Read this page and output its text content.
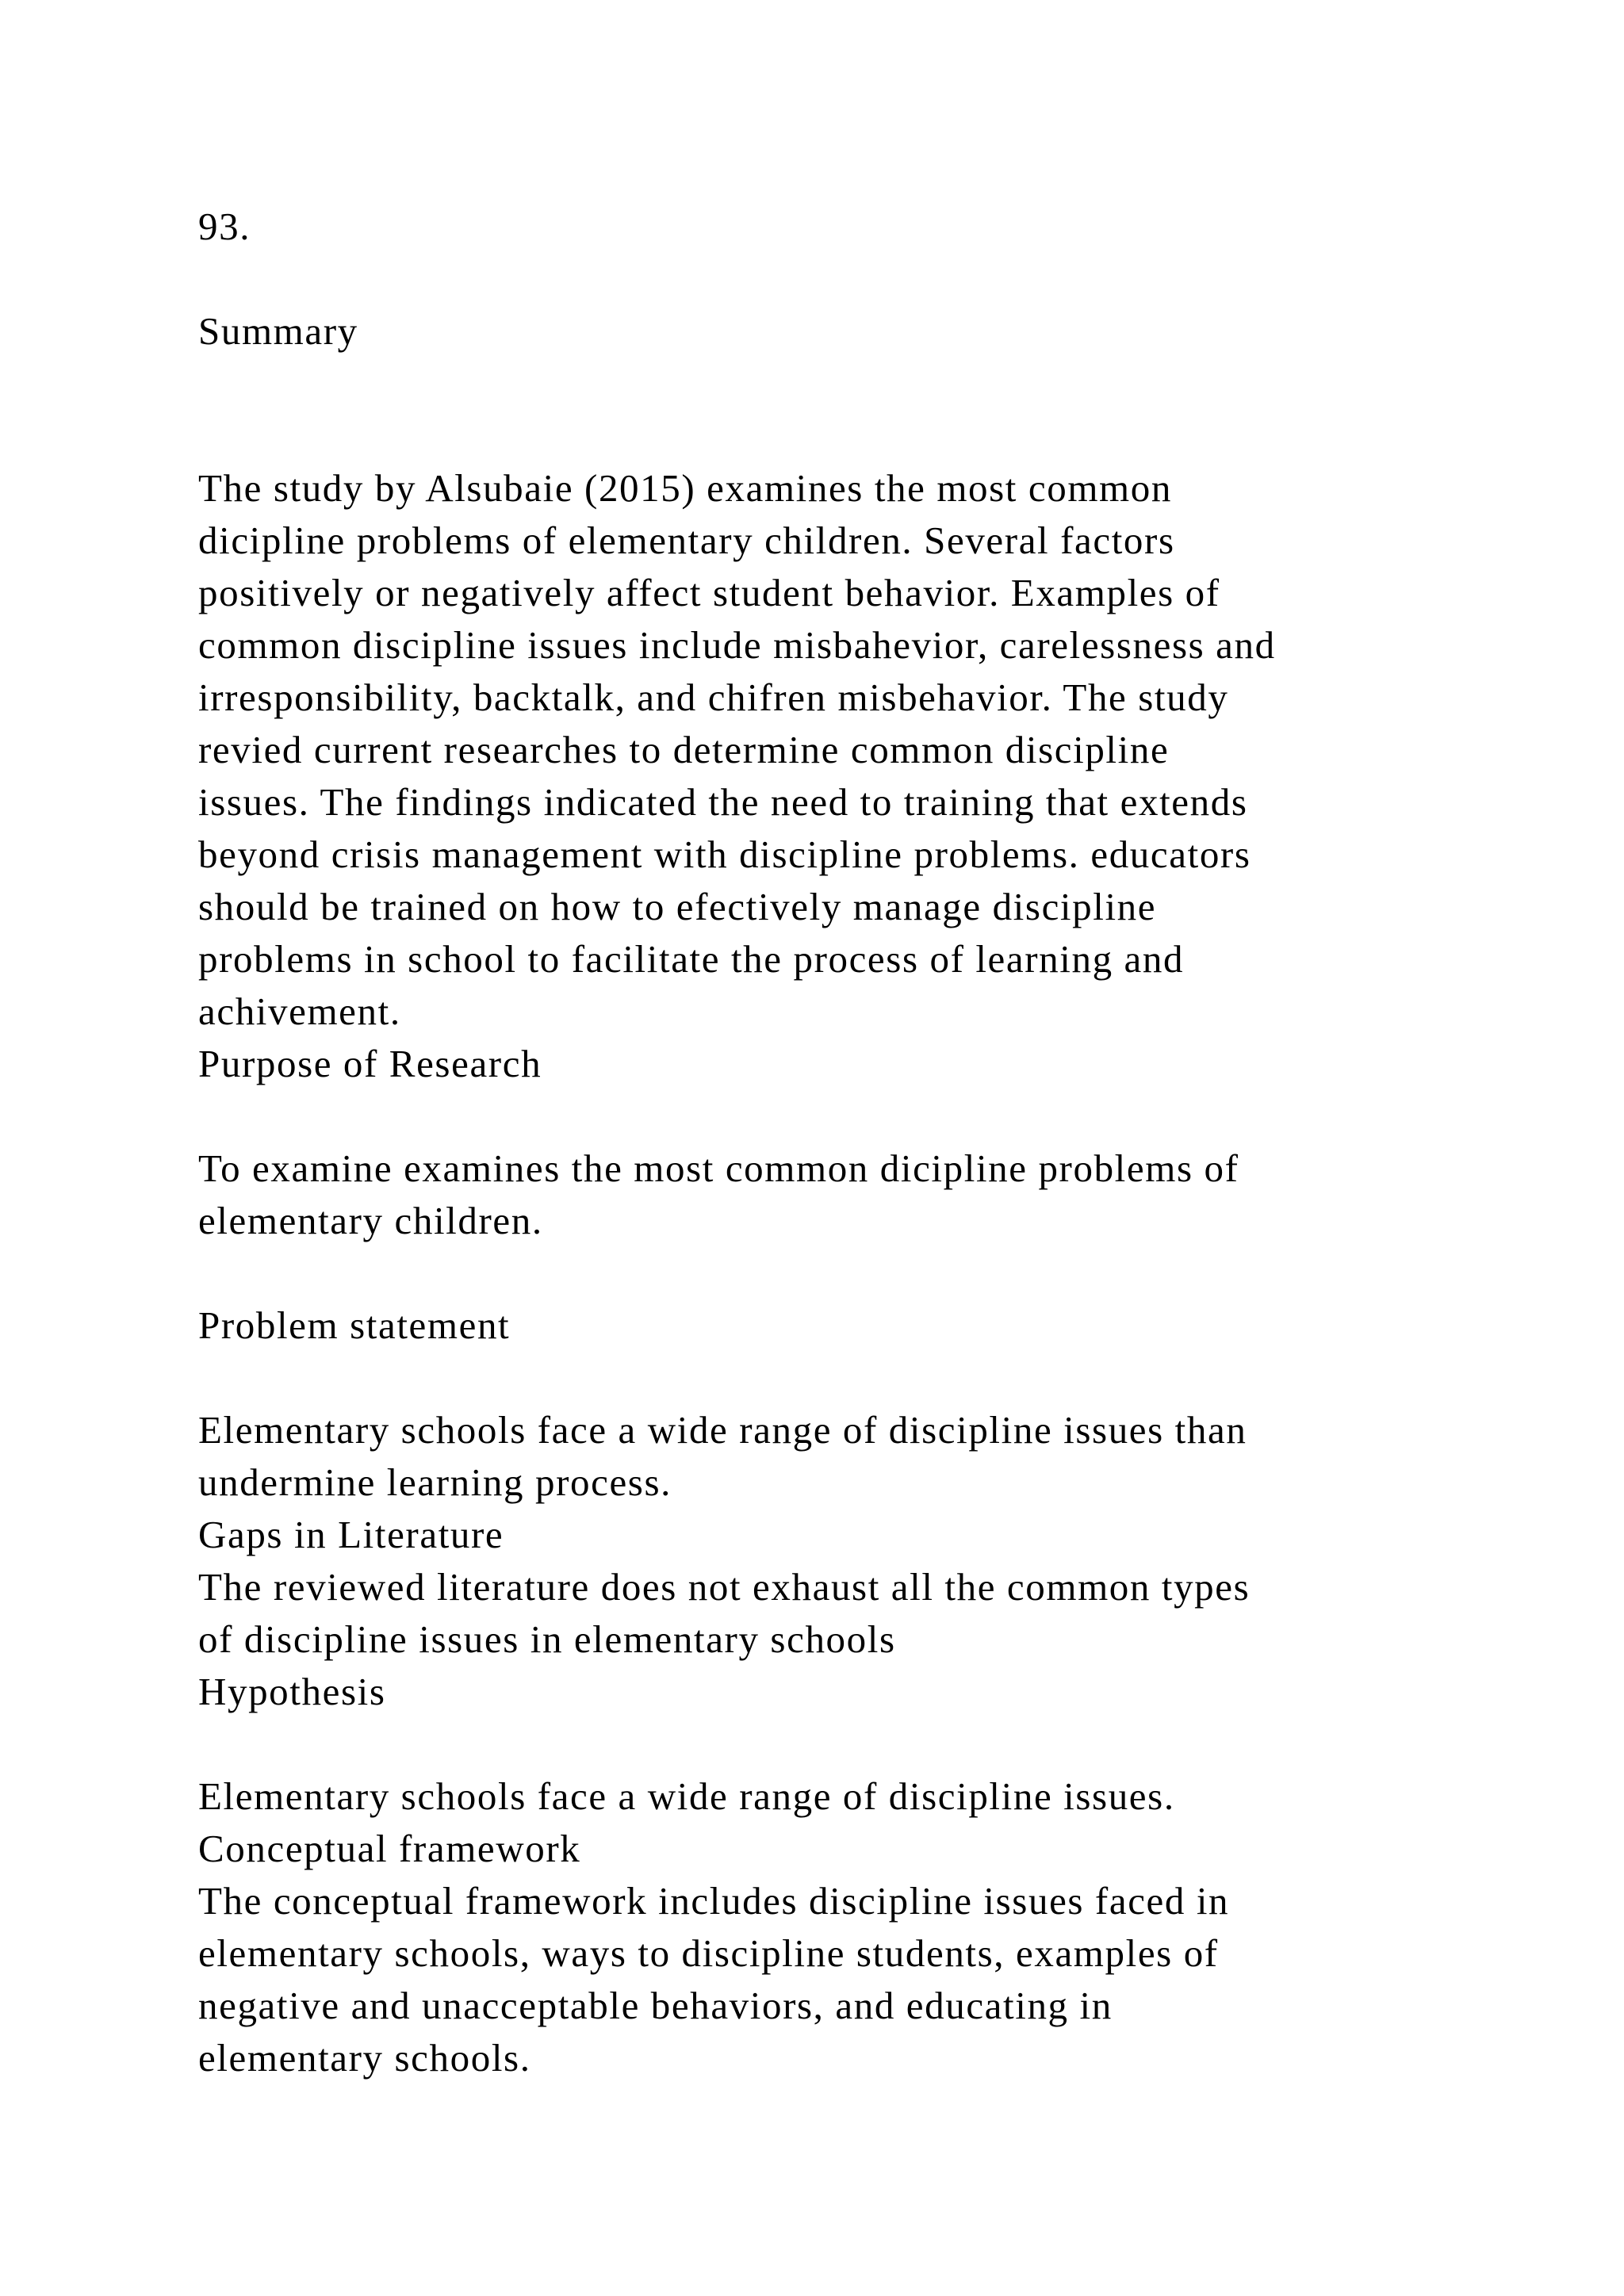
93.

Summary

The study by Alsubaie (2015) examines the most common

dicipline problems of elementary children. Several factors

positively or negatively affect student behavior. Examples of

common discipline issues include misbahevior, carelessness and

irresponsibility, backtalk, and chifren misbehavior. The study

revied current researches to determine common discipline

issues. The findings indicated the need to training that extends

beyond crisis management with discipline problems. educators

should be trained on how to efectively manage discipline

problems in school to facilitate the process of learning and

achivement.

Purpose of Research

To examine examines the most common dicipline problems of

elementary children.

Problem statement

Elementary schools face a wide range of discipline issues than

undermine learning process.

Gaps in Literature

The reviewed literature does not exhaust all the common types

of discipline issues in elementary schools

Hypothesis

Elementary schools face a wide range of discipline issues.

Conceptual framework

The conceptual framework includes discipline issues faced in

elementary schools, ways to discipline students, examples of

negative and unacceptable behaviors, and educating in

elementary schools.
